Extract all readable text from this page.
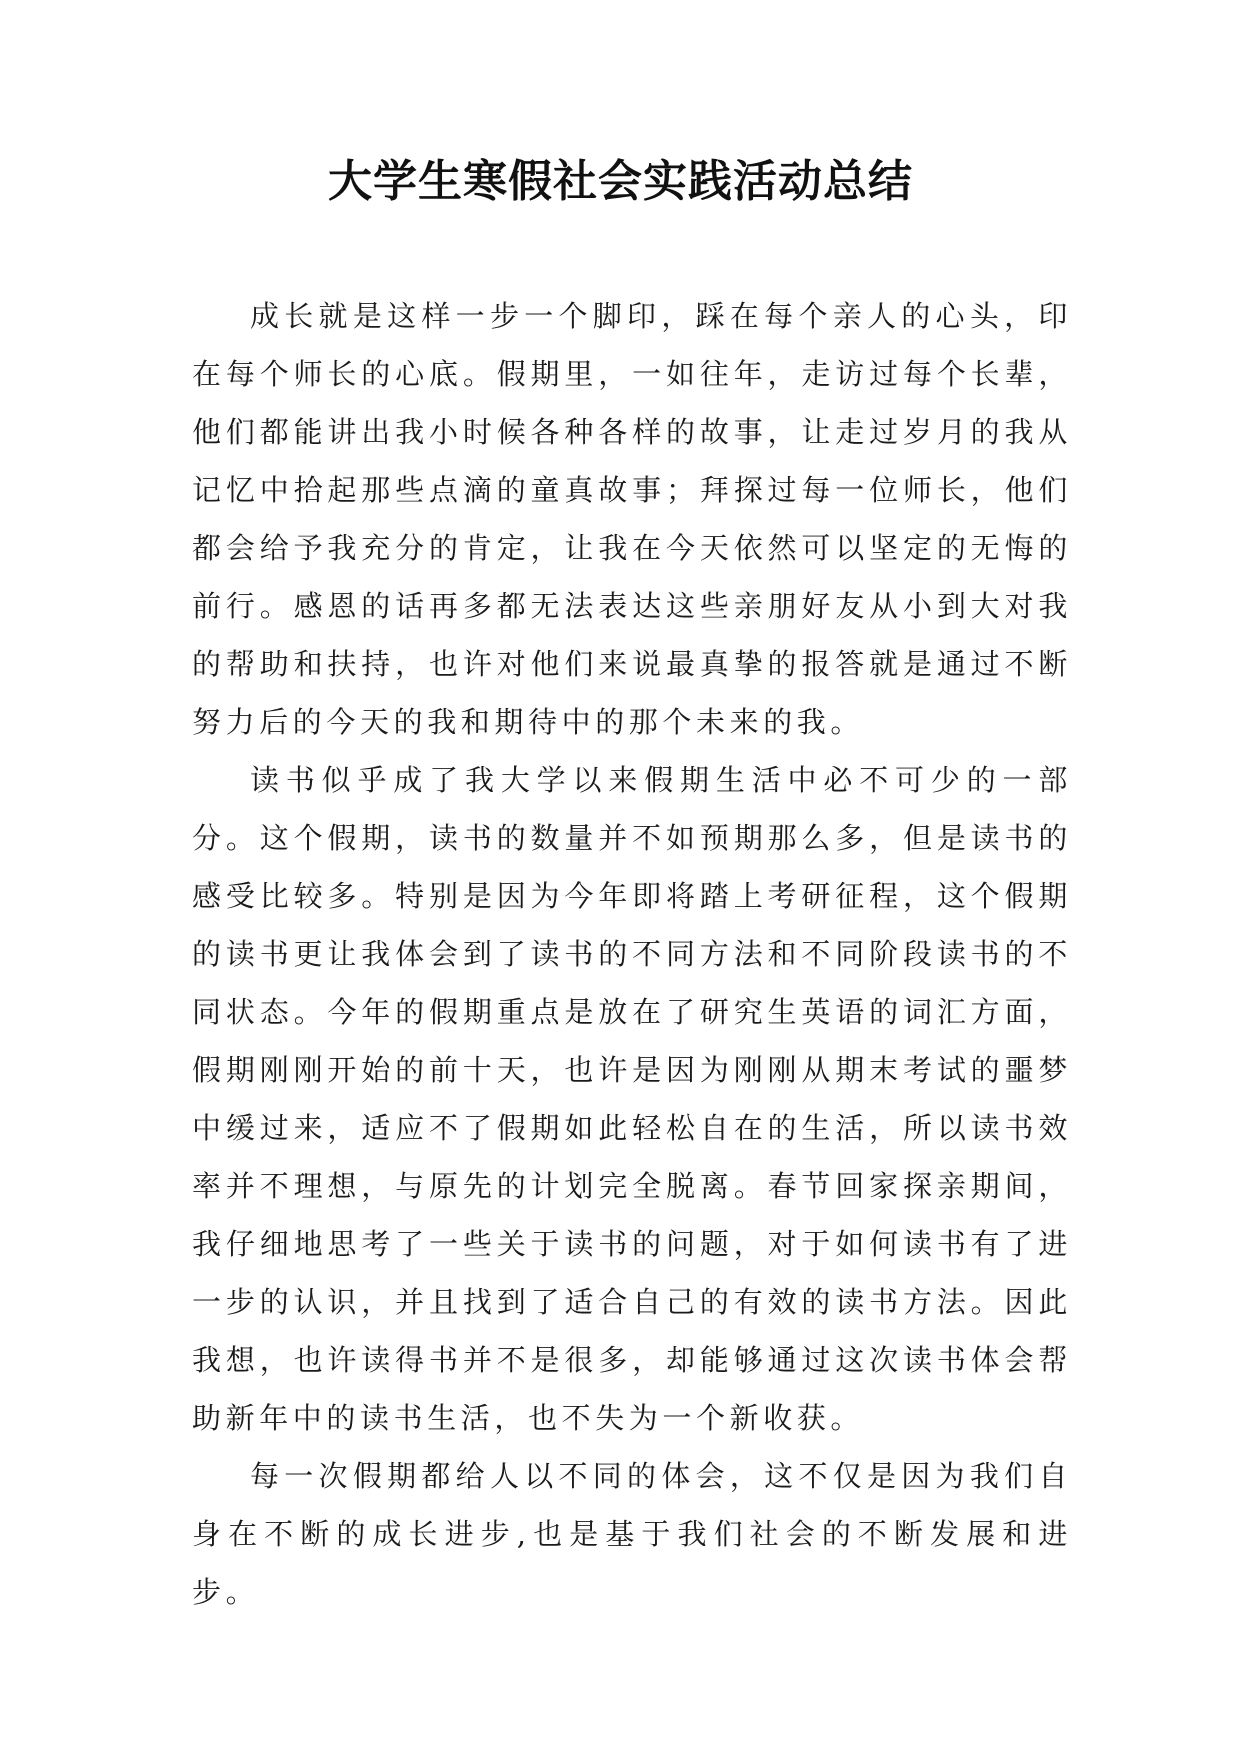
大学生寒假社会实践活动总结

成长就是这样一步一个脚印，踩在每个亲人的心头，印在每个师长的心底。假期里，一如往年，走访过每个长辈，他们都能讲出我小时候各种各样的故事，让走过岁月的我从记忆中拾起那些点滴的童真故事；拜探过每一位师长，他们都会给予我充分的肯定，让我在今天依然可以坚定的无悔的前行。感恩的话再多都无法表达这些亲朋好友从小到大对我的帮助和扶持，也许对他们来说最真挚的报答就是通过不断努力后的今天的我和期待中的那个未来的我。

读书似乎成了我大学以来假期生活中必不可少的一部分。这个假期，读书的数量并不如预期那么多，但是读书的感受比较多。特别是因为今年即将踏上考研征程，这个假期的读书更让我体会到了读书的不同方法和不同阶段读书的不同状态。今年的假期重点是放在了研究生英语的词汇方面，假期刚刚开始的前十天，也许是因为刚刚从期末考试的噩梦中缓过来，适应不了假期如此轻松自在的生活，所以读书效率并不理想，与原先的计划完全脱离。春节回家探亲期间，我仔细地思考了一些关于读书的问题，对于如何读书有了进一步的认识，并且找到了适合自己的有效的读书方法。因此我想，也许读得书并不是很多，却能够通过这次读书体会帮助新年中的读书生活，也不失为一个新收获。

每一次假期都给人以不同的体会，这不仅是因为我们自身在不断的成长进步,也是基于我们社会的不断发展和进步。
